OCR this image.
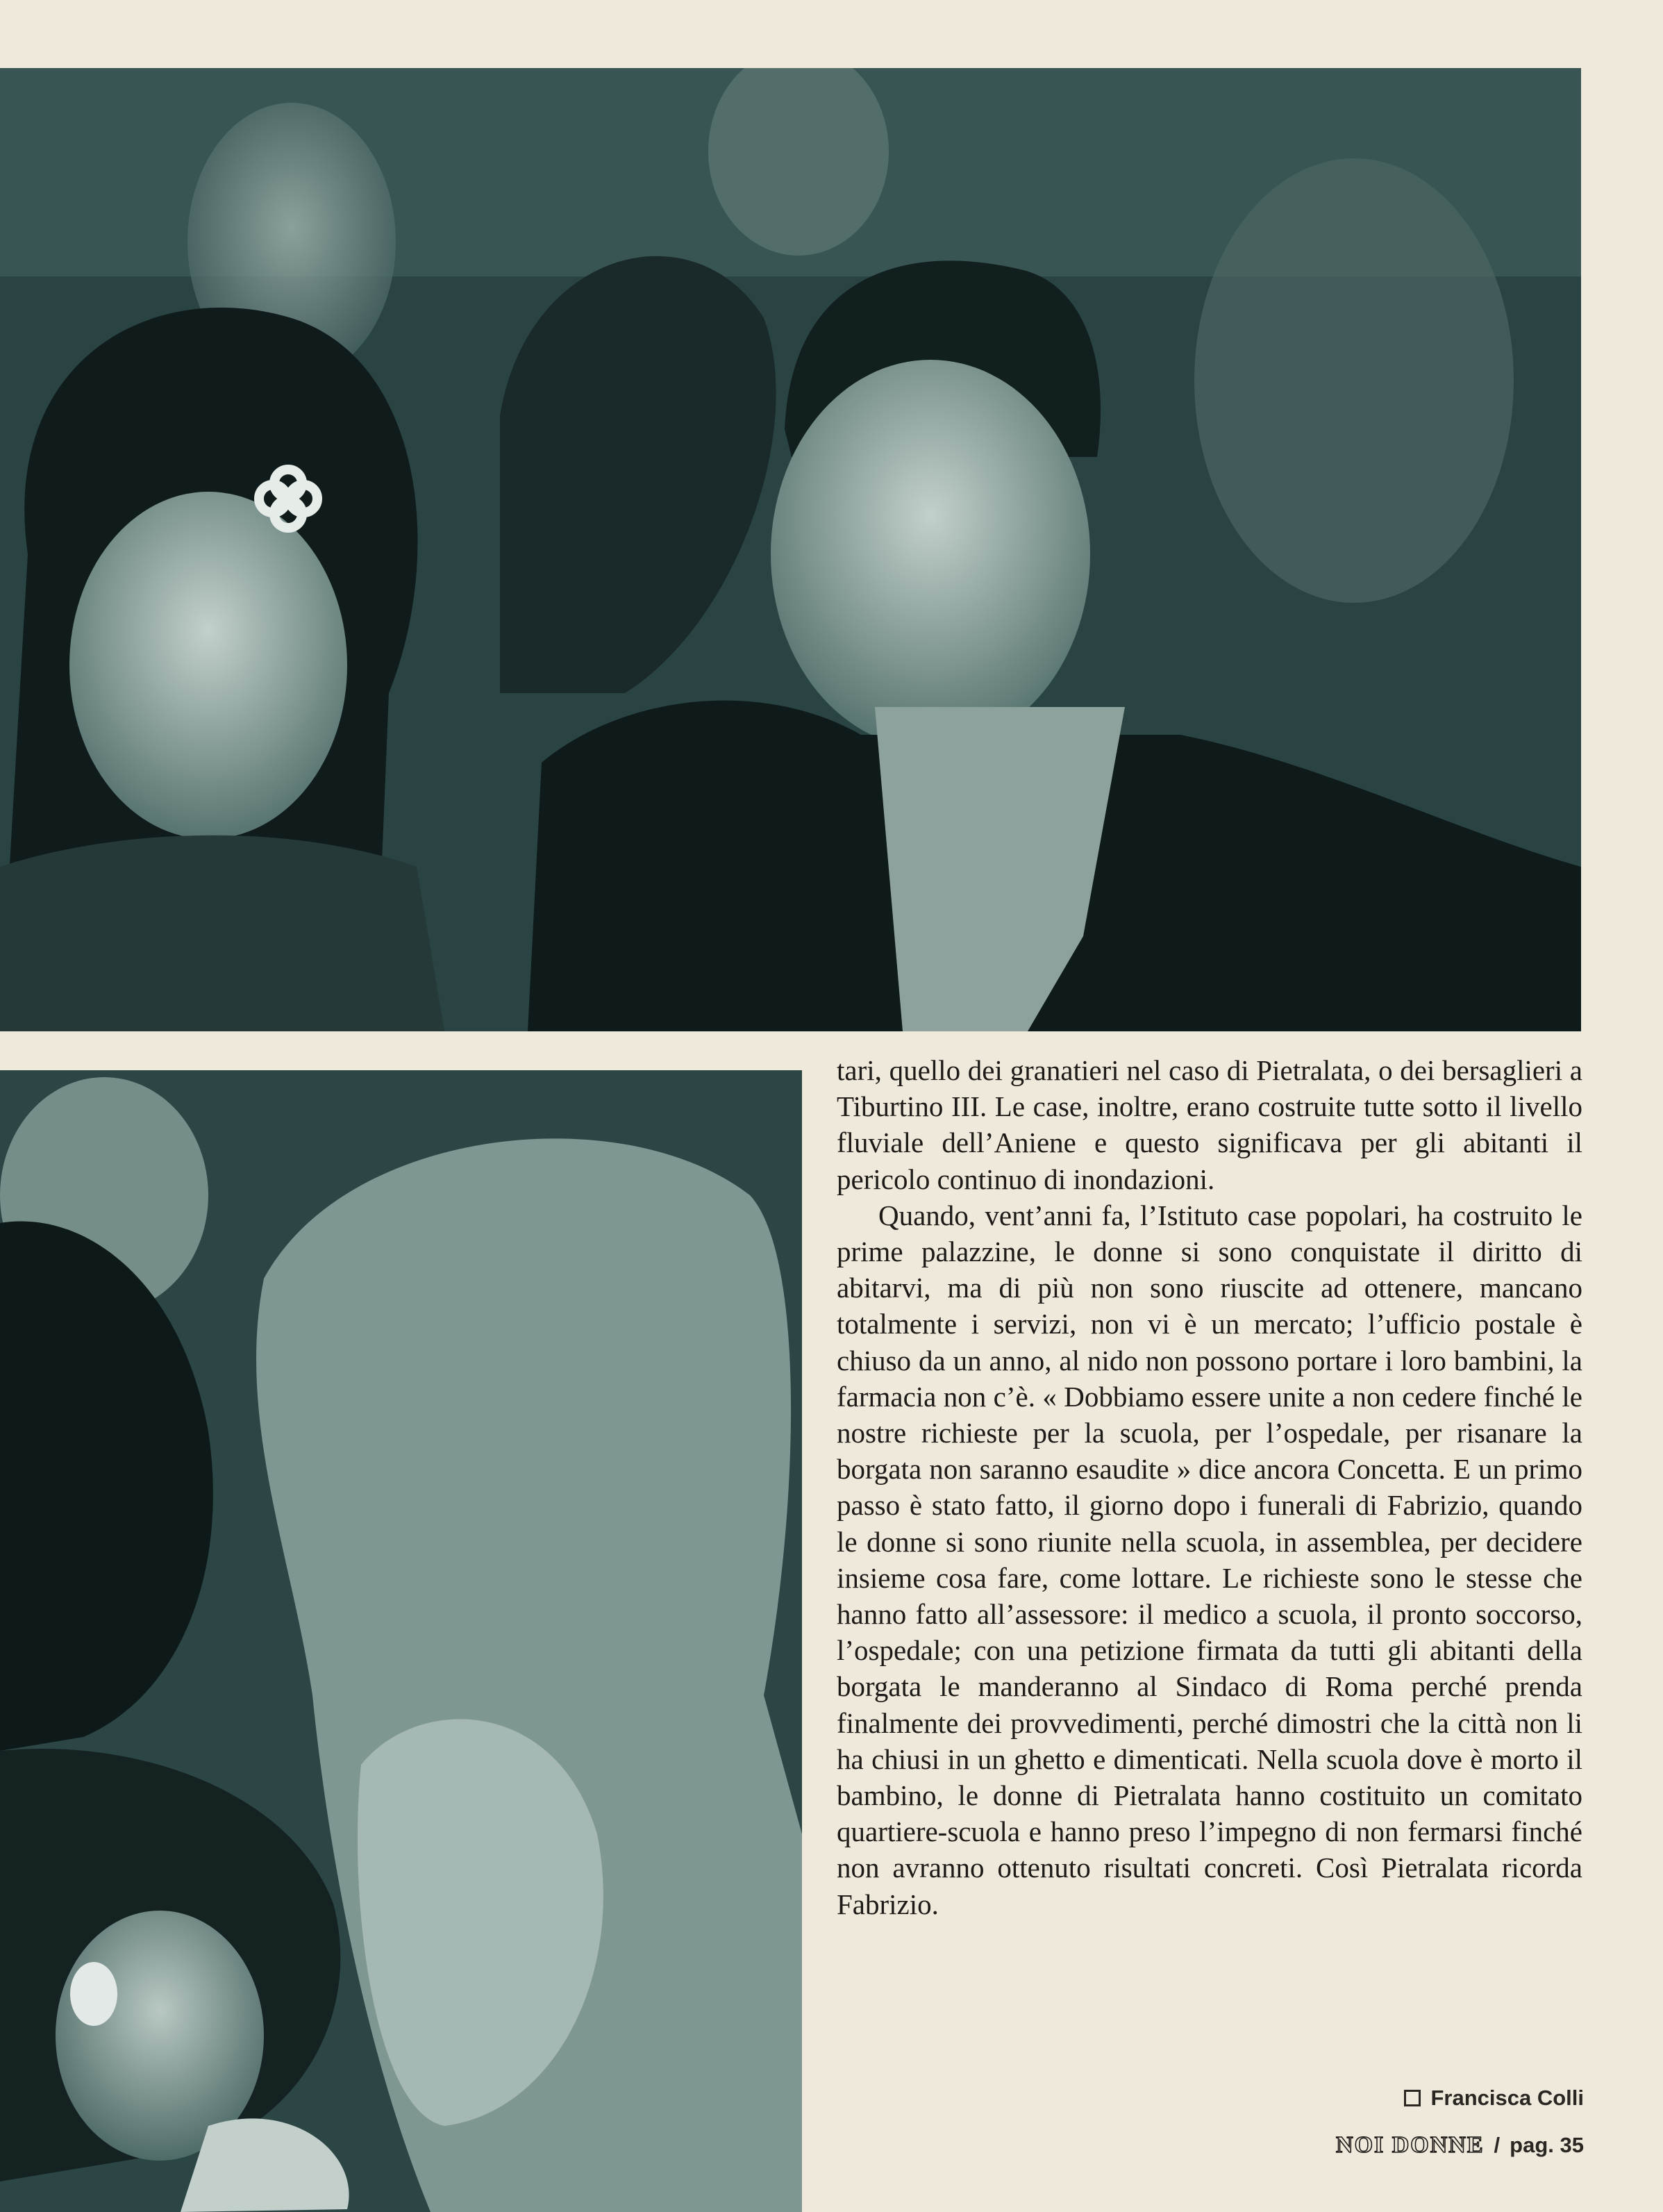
tari, quello dei granatieri nel caso di Pietralata, o dei bersaglieri a Tiburtino III. Le case, inoltre, erano costruite tutte sotto il livello fluviale dell’Aniene e questo significava per gli abitanti il pericolo continuo di inondazioni.

Quando, vent’anni fa, l’Istituto case popolari, ha costruito le prime palazzine, le donne si sono conquistate il diritto di abitarvi, ma di più non sono riuscite ad ottenere, mancano totalmente i servizi, non vi è un mercato; l’ufficio postale è chiuso da un anno, al nido non possono portare i loro bambini, la farmacia non c’è. « Dobbiamo essere unite a non cedere finché le nostre richieste per la scuola, per l’ospedale, per risanare la borgata non saranno esaudite » dice ancora Concetta. E un primo passo è stato fatto, il giorno dopo i funerali di Fabrizio, quando le donne si sono riunite nella scuola, in assemblea, per decidere insieme cosa fare, come lottare. Le richieste sono le stesse che hanno fatto all’assessore: il medico a scuola, il pronto soccorso, l’ospedale; con una petizione firmata da tutti gli abitanti della borgata le manderanno al Sindaco di Roma perché prenda finalmente dei provvedimenti, perché dimostri che la città non li ha chiusi in un ghetto e dimenticati. Nella scuola dove è morto il bambino, le donne di Pietralata hanno costituito un comitato quartiere-scuola e hanno preso l’impegno di non fermarsi finché non avranno ottenuto risultati concreti. Così Pietralata ricorda Fabrizio.

Francisca Colli
NOI DONNE / pag. 35
